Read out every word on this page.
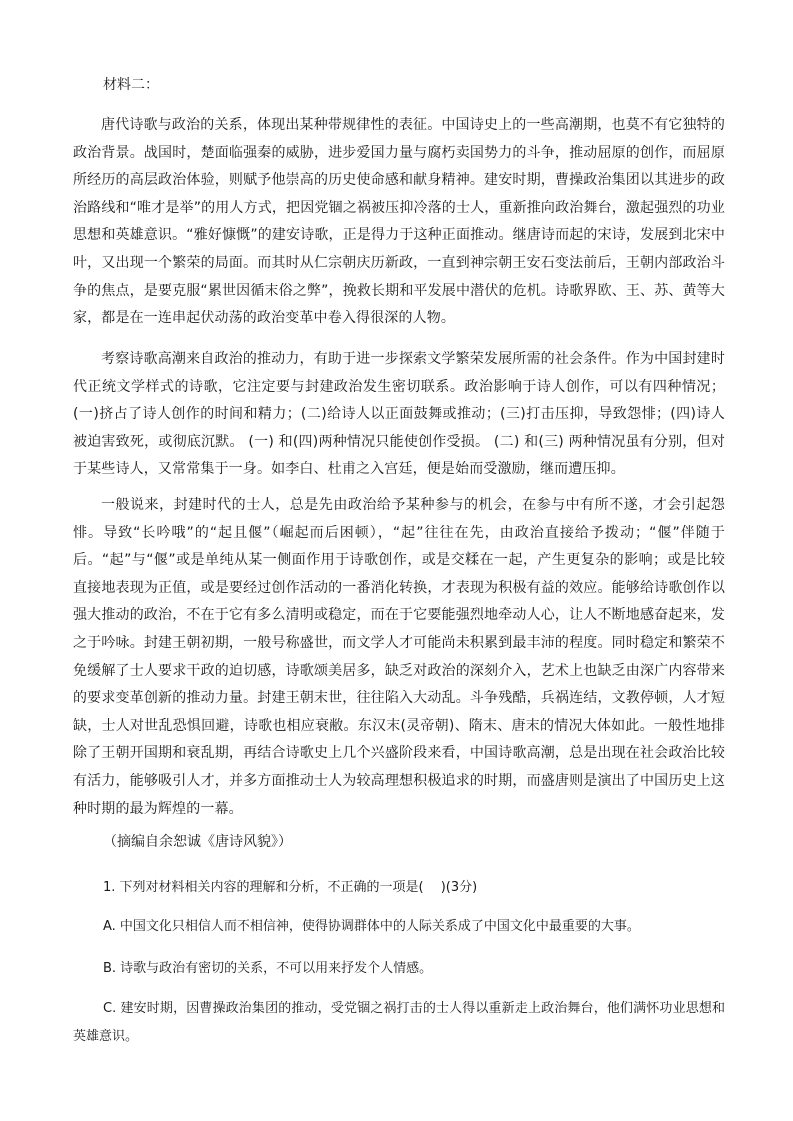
材料二：

唐代诗歌与政治的关系，体现出某种带规律性的表征。中国诗史上的一些高潮期，也莫不有它独特的政治背景。战国时，楚面临强秦的威胁，进步爱国力量与腐朽卖国势力的斗争，推动屈原的创作，而屈原所经历的高层政治体验，则赋予他崇高的历史使命感和献身精神。建安时期，曹操政治集团以其进步的政治路线和“唯才是举”的用人方式，把因党锢之祸被压抑冷落的士人，重新推向政治舞台，激起强烈的功业思想和英雄意识。“雅好慷慨”的建安诗歌，正是得力于这种正面推动。继唐诗而起的宋诗，发展到北宋中叶，又出现一个繁荣的局面。而其时从仁宗朝庆历新政，一直到神宗朝王安石变法前后，王朝内部政治斗争的焦点，是要克服“累世因循末俗之弊”，挽救长期和平发展中潜伏的危机。诗歌界欧、王、苏、黄等大家，都是在一连串起伏动荡的政治变革中卷入得很深的人物。

考察诗歌高潮来自政治的推动力，有助于进一步探索文学繁荣发展所需的社会条件。作为中国封建时代正统文学样式的诗歌，它注定要与封建政治发生密切联系。政治影响于诗人创作，可以有四种情况；(一)挤占了诗人创作的时间和精力；(二)给诗人以正面鼓舞或推动；(三)打击压抑，导致怨悱；(四)诗人被迫害致死，或彻底沉默。 (一) 和(四)两种情况只能使创作受损。 (二) 和(三) 两种情况虽有分别，但对于某些诗人，又常常集于一身。如李白、杜甫之入宫廷，便是始而受激励，继而遭压抑。

一般说来，封建时代的士人，总是先由政治给予某种参与的机会，在参与中有所不遂，才会引起怨悱。导致“长吟哦”的“起且偃”（崛起而后困顿），“起”往往在先，由政治直接给予拨动；“偃”伴随于后。“起”与“偃”或是单纯从某一侧面作用于诗歌创作，或是交糅在一起，产生更复杂的影响；或是比较直接地表现为正值，或是要经过创作活动的一番消化转换，才表现为积极有益的效应。能够给诗歌创作以强大推动的政治，不在于它有多么清明或稳定，而在于它要能强烈地牵动人心，让人不断地感奋起来，发之于吟咏。封建王朝初期，一般号称盛世，而文学人才可能尚未积累到最丰沛的程度。同时稳定和繁荣不免缓解了士人要求干政的迫切感，诗歌颂美居多，缺乏对政治的深刻介入，艺术上也缺乏由深广内容带来的要求变革创新的推动力量。封建王朝末世，往往陷入大动乱。斗争残酷，兵祸连结，文教停顿，人才短缺，士人对世乱恐惧回避，诗歌也相应衰敝。东汉末(灵帝朝)、隋末、唐末的情况大体如此。一般性地排除了王朝开国期和衰乱期，再结合诗歌史上几个兴盛阶段来看，中国诗歌高潮，总是出现在社会政治比较有活力，能够吸引人才，并多方面推动士人为较高理想积极追求的时期，而盛唐则是演出了中国历史上这种时期的最为辉煌的一幕。

（摘编自余恕诚《唐诗风貌》）

1. 下列对材料相关内容的理解和分析，不正确的一项是(　 )(3分)

A. 中国文化只相信人而不相信神，使得协调群体中的人际关系成了中国文化中最重要的大事。

B. 诗歌与政治有密切的关系，不可以用来抒发个人情感。

C. 建安时期，因曹操政治集团的推动，受党锢之祸打击的士人得以重新走上政治舞台，他们满怀功业思想和英雄意识。
